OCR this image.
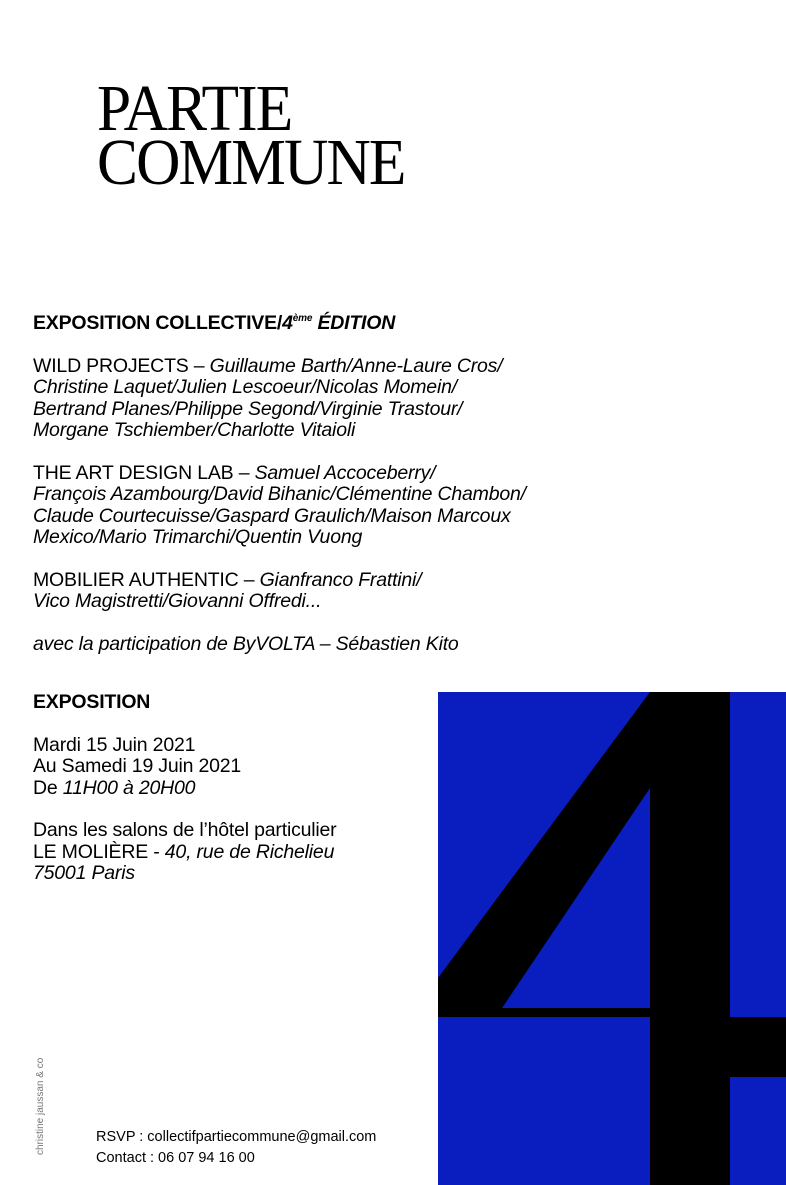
PARTIE
COMMUNE

EXPOSITION COLLECTIVE/4ème ÉDITION

WILD PROJECTS – Guillaume Barth/Anne-Laure Cros/

Christine Laquet/Julien Lescoeur/Nicolas Momein/

Bertrand Planes/Philippe Segond/Virginie Trastour/

Morgane Tschiember/Charlotte Vitaioli

THE ART DESIGN LAB – Samuel Accoceberry/

François Azambourg/David Bihanic/Clémentine Chambon/

Claude Courtecuisse/Gaspard Graulich/Maison Marcoux

Mexico/Mario Trimarchi/Quentin Vuong

MOBILIER AUTHENTIC – Gianfranco Frattini/

Vico Magistretti/Giovanni Offredi...

avec la participation de ByVOLTA – Sébastien Kito

EXPOSITION

Mardi 15 Juin 2021

Au Samedi 19 Juin 2021

De 11H00 à 20H00

Dans les salons de l’hôtel particulier

LE MOLIÈRE - 40, rue de Richelieu

75001 Paris

christine jaussan & co	RSVP : collectifpartiecommune@gmail.com
Contact : 06 07 94 16 00
